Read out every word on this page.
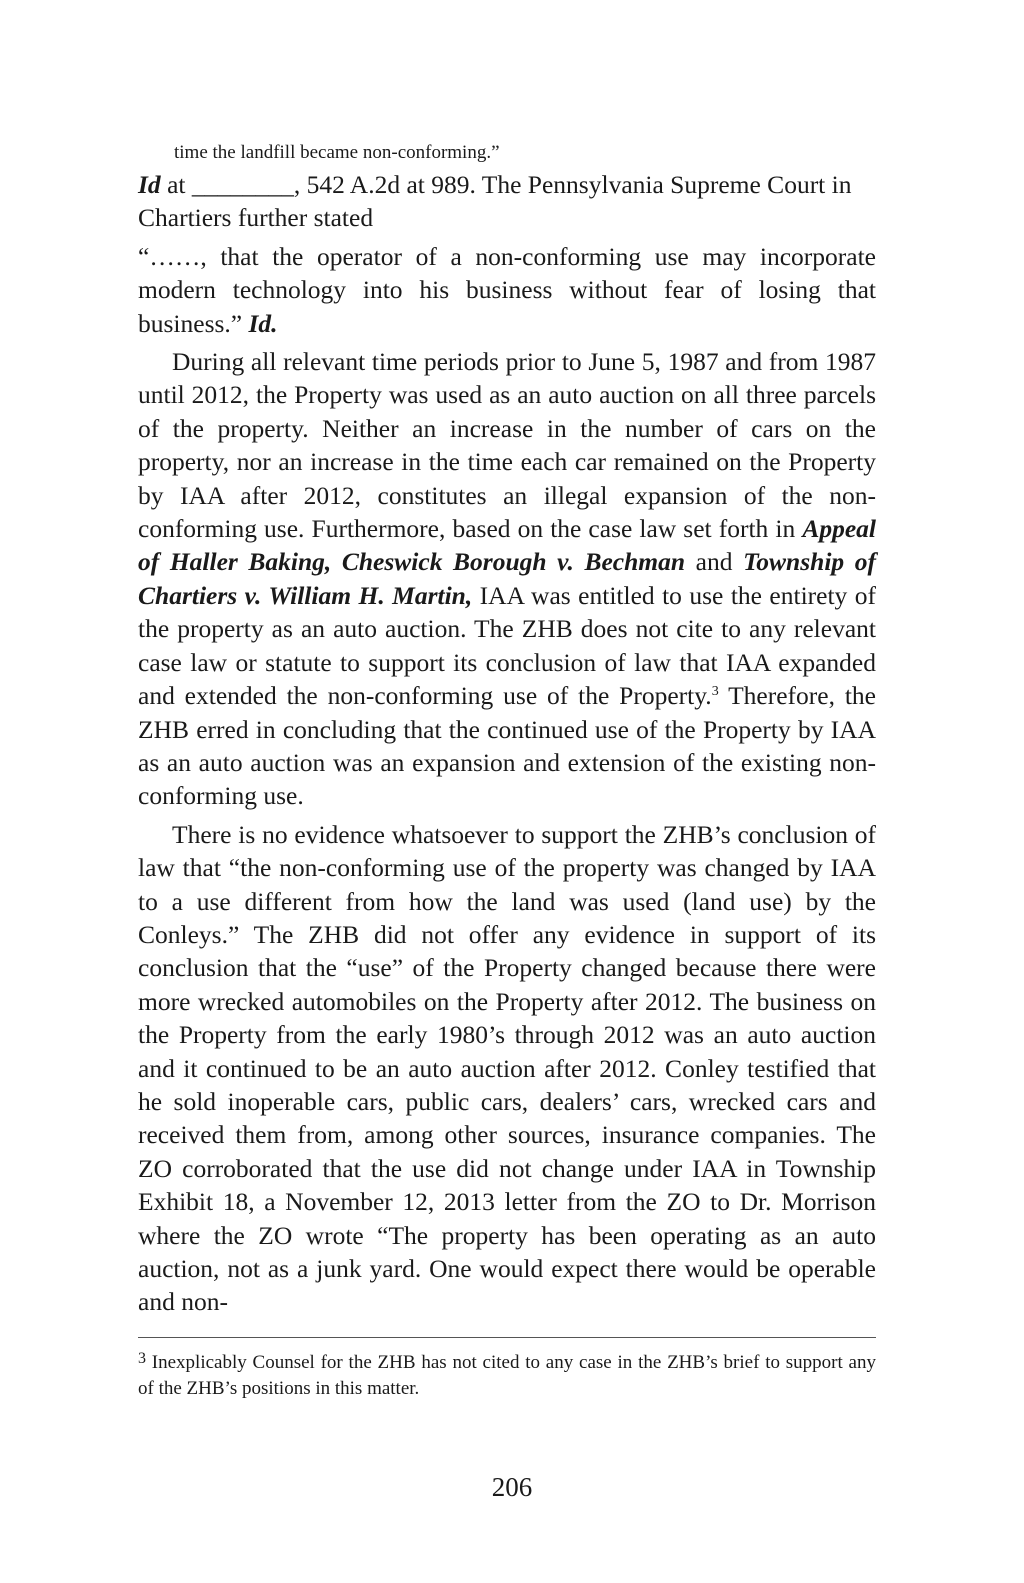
time the landfill became non-conforming.”

Id at ________, 542 A.2d at 989. The Pennsylvania Supreme Court in Chartiers further stated

“……, that the operator of a non-conforming use may incorporate modern technology into his business without fear of losing that business.” Id.

During all relevant time periods prior to June 5, 1987 and from 1987 until 2012, the Property was used as an auto auction on all three parcels of the property. Neither an increase in the number of cars on the property, nor an increase in the time each car remained on the Property by IAA after 2012, constitutes an illegal expansion of the non-conforming use. Furthermore, based on the case law set forth in Appeal of Haller Baking, Cheswick Borough v. Bechman and Township of Chartiers v. William H. Martin, IAA was entitled to use the entirety of the property as an auto auction. The ZHB does not cite to any relevant case law or statute to support its conclusion of law that IAA expanded and extended the non-conforming use of the Property.$^3$ Therefore, the ZHB erred in concluding that the continued use of the Property by IAA as an auto auction was an expansion and extension of the existing non-conforming use.

There is no evidence whatsoever to support the ZHB’s conclusion of law that “the non-conforming use of the property was changed by IAA to a use different from how the land was used (land use) by the Conleys.” The ZHB did not offer any evidence in support of its conclusion that the “use” of the Property changed because there were more wrecked automobiles on the Property after 2012. The business on the Property from the early 1980’s through 2012 was an auto auction and it continued to be an auto auction after 2012. Conley testified that he sold inoperable cars, public cars, dealers’ cars, wrecked cars and received them from, among other sources, insurance companies. The ZO corroborated that the use did not change under IAA in Township Exhibit 18, a November 12, 2013 letter from the ZO to Dr. Morrison where the ZO wrote “The property has been operating as an auto auction, not as a junk yard. One would expect there would be operable and non-

$^3$ Inexplicably Counsel for the ZHB has not cited to any case in the ZHB’s brief to support any of the ZHB’s positions in this matter.
206
